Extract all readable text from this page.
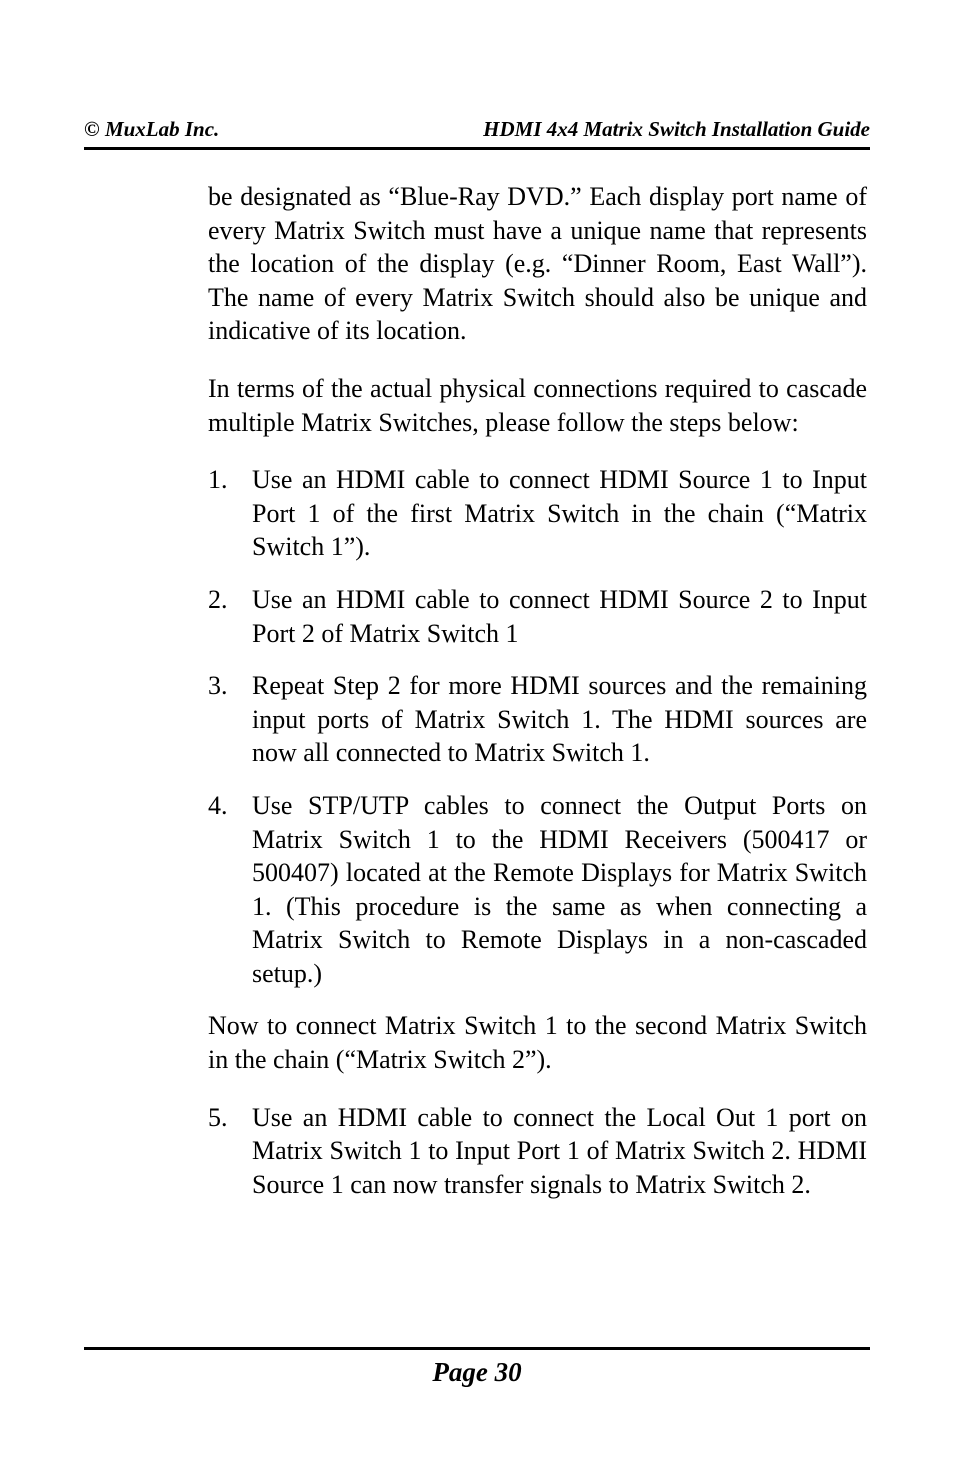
© MuxLab Inc.	HDMI 4x4 Matrix Switch Installation Guide

be designated as “Blue-Ray DVD.” Each display port name of every Matrix Switch must have a unique name that represents the location of the display (e.g. “Dinner Room, East Wall”). The name of every Matrix Switch should also be unique and indicative of its location.

In terms of the actual physical connections required to cascade multiple Matrix Switches, please follow the steps below:

1. Use an HDMI cable to connect HDMI Source 1 to Input Port 1 of the first Matrix Switch in the chain (“Matrix Switch 1”).
2. Use an HDMI cable to connect HDMI Source 2 to Input Port 2 of Matrix Switch 1
3. Repeat Step 2 for more HDMI sources and the remaining input ports of Matrix Switch 1. The HDMI sources are now all connected to Matrix Switch 1.
4. Use STP/UTP cables to connect the Output Ports on Matrix Switch 1 to the HDMI Receivers (500417 or 500407) located at the Remote Displays for Matrix Switch 1. (This procedure is the same as when connecting a Matrix Switch to Remote Displays in a non-cascaded setup.)

Now to connect Matrix Switch 1 to the second Matrix Switch in the chain (“Matrix Switch 2”).

5. Use an HDMI cable to connect the Local Out 1 port on Matrix Switch 1 to Input Port 1 of Matrix Switch 2. HDMI Source 1 can now transfer signals to Matrix Switch 2.
Page 30
